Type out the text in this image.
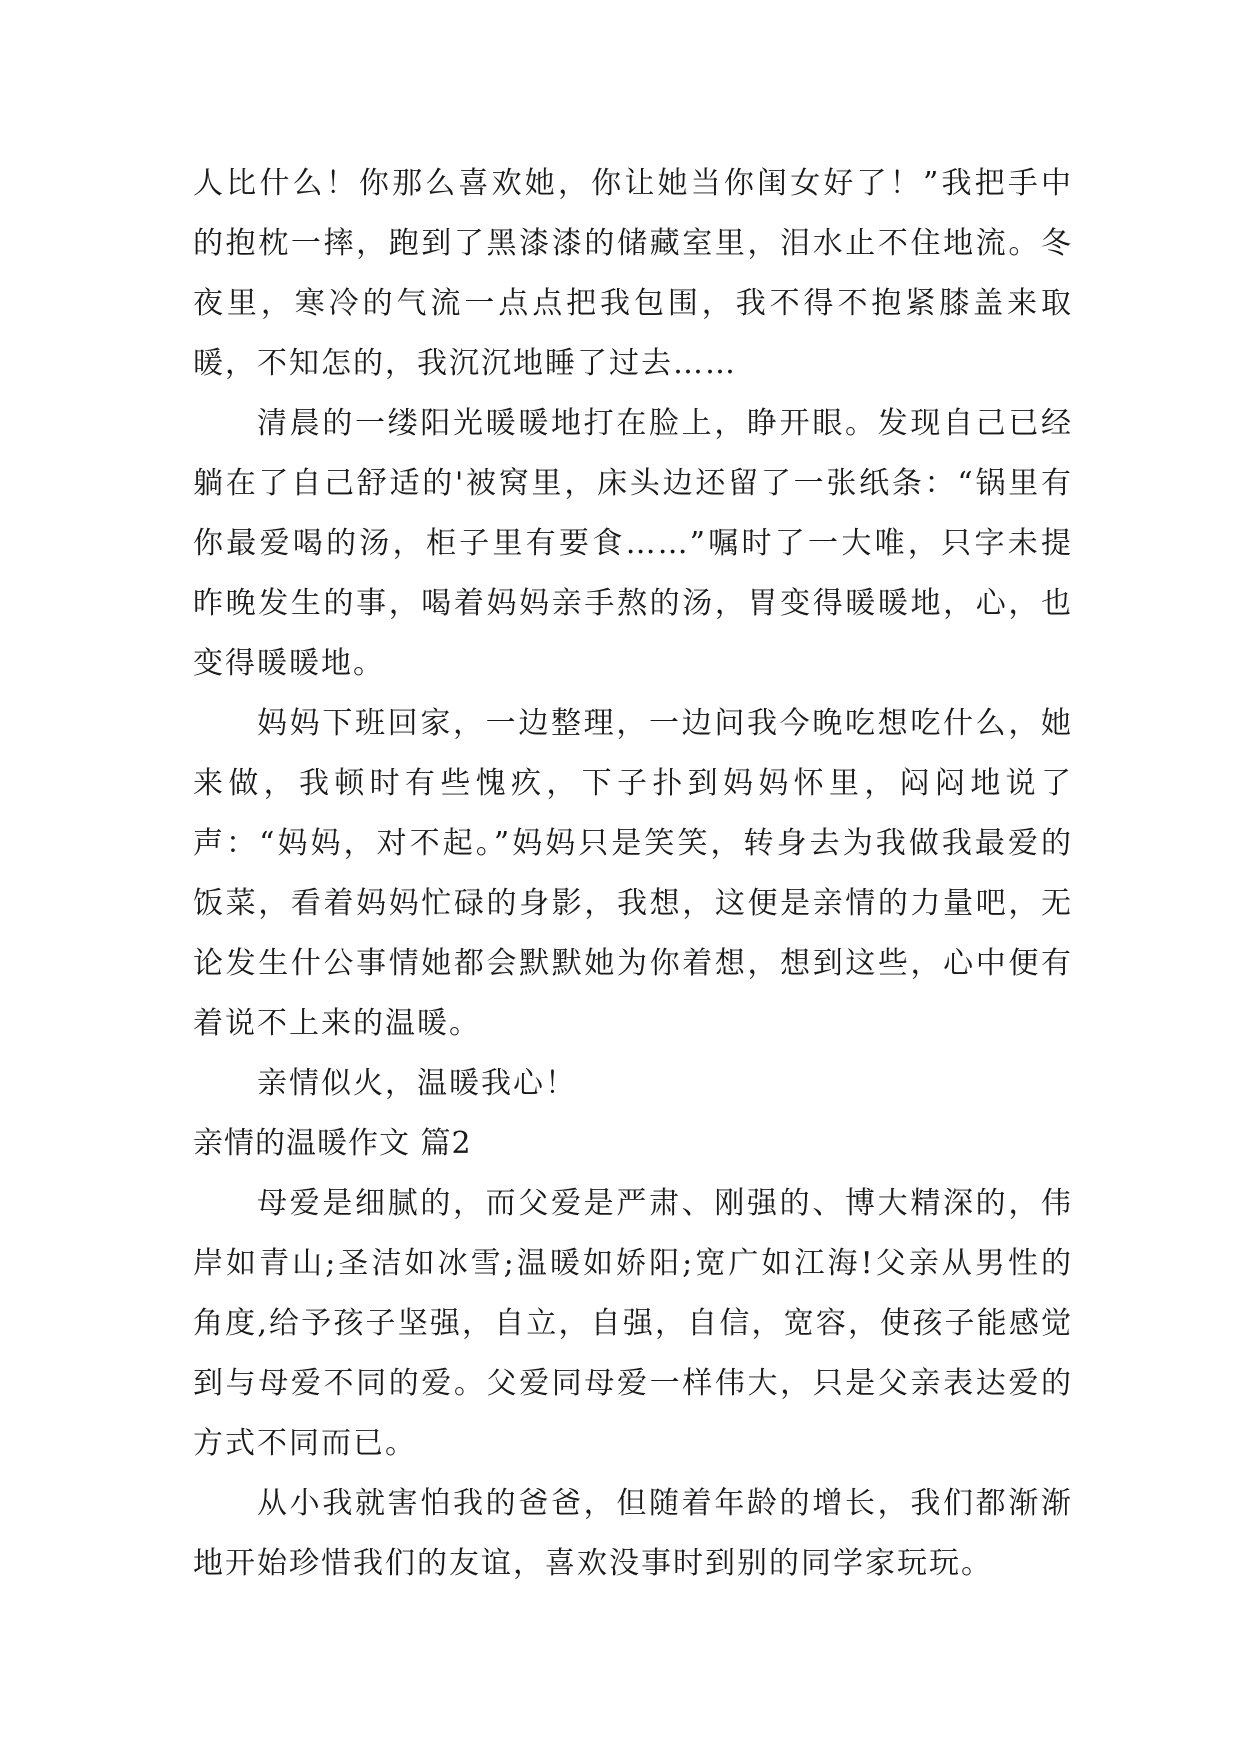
人比什么！你那么喜欢她，你让她当你闺女好了！”我把手中的抱枕一摔，跑到了黑漆漆的储藏室里，泪水止不住地流。冬夜里，寒冷的气流一点点把我包围，我不得不抱紧膝盖来取暖，不知怎的，我沉沉地睡了过去……

清晨的一缕阳光暖暖地打在脸上，睁开眼。发现自己已经躺在了自己舒适的'被窝里，床头边还留了一张纸条：“锅里有你最爱喝的汤，柜子里有要食……”嘱时了一大唯，只字未提昨晚发生的事，喝着妈妈亲手熬的汤，胃变得暖暖地，心，也变得暖暖地。

妈妈下班回家，一边整理，一边问我今晚吃想吃什么，她来做，我顿时有些愧疚，下子扑到妈妈怀里，闷闷地说了声：“妈妈，对不起。”妈妈只是笑笑，转身去为我做我最爱的饭菜，看着妈妈忙碌的身影，我想，这便是亲情的力量吧，无论发生什公事情她都会默默她为你着想，想到这些，心中便有着说不上来的温暖。

亲情似火，温暖我心！

亲情的温暖作文 篇2

母爱是细腻的，而父爱是严肃、刚强的、博大精深的，伟岸如青山;圣洁如冰雪;温暖如娇阳;宽广如江海!父亲从男性的角度,给予孩子坚强，自立，自强，自信，宽容，使孩子能感觉到与母爱不同的爱。父爱同母爱一样伟大，只是父亲表达爱的方式不同而已。

从小我就害怕我的爸爸，但随着年龄的增长，我们都渐渐地开始珍惜我们的友谊，喜欢没事时到别的同学家玩玩。
